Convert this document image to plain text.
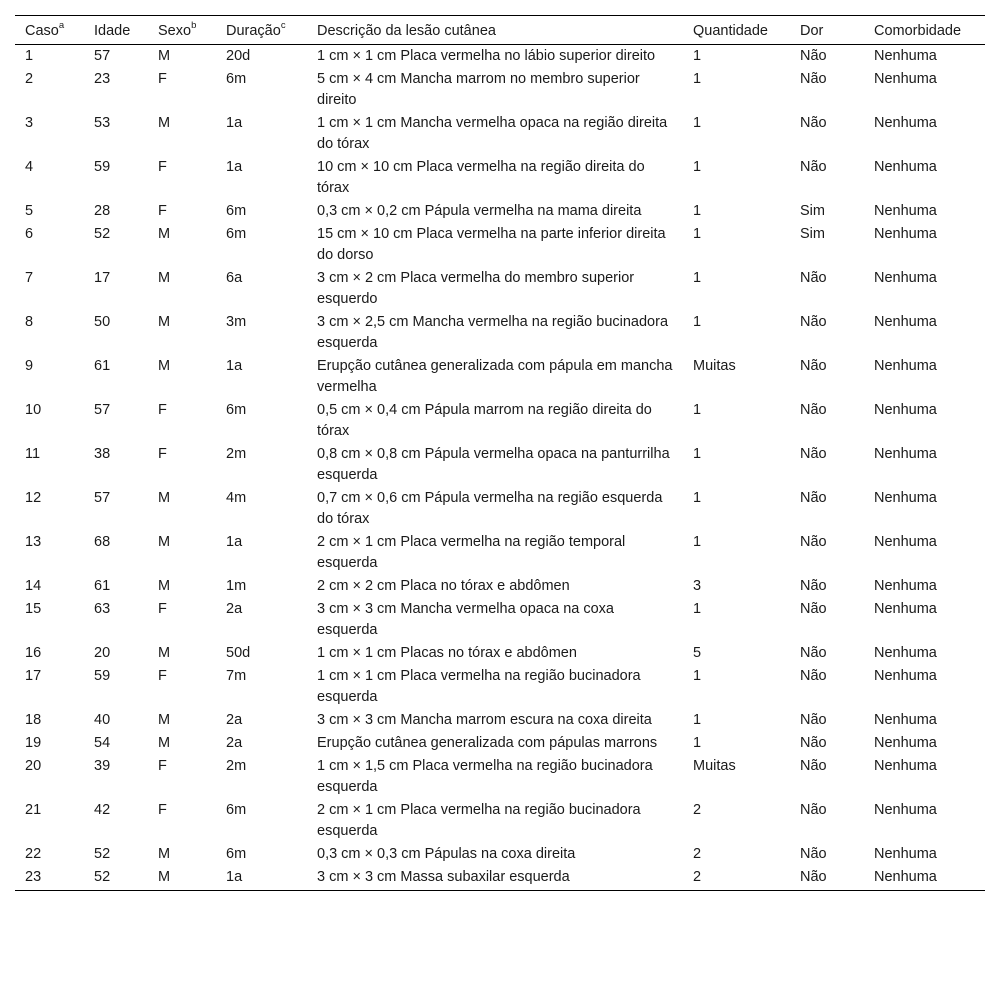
Caso$^a$	Idade	Sexo$^b$	Duração$^c$	Descrição da lesão cutânea	Quantidade	Dor	Comorbidade
1	57	M	20d	1 cm × 1 cm Placa vermelha no lábio superior direito	1	Não	Nenhuma
2	23	F	6m	5 cm × 4 cm Mancha marrom no membro superior direito	1	Não	Nenhuma
3	53	M	1a	1 cm × 1 cm Mancha vermelha opaca na região direita do tórax	1	Não	Nenhuma
4	59	F	1a	10 cm × 10 cm Placa vermelha na região direita do tórax	1	Não	Nenhuma
5	28	F	6m	0,3 cm × 0,2 cm Pápula vermelha na mama direita	1	Sim	Nenhuma
6	52	M	6m	15 cm × 10 cm Placa vermelha na parte inferior direita do dorso	1	Sim	Nenhuma
7	17	M	6a	3 cm × 2 cm Placa vermelha do membro superior esquerdo	1	Não	Nenhuma
8	50	M	3m	3 cm × 2,5 cm Mancha vermelha na região bucinadora esquerda	1	Não	Nenhuma
9	61	M	1a	Erupção cutânea generalizada com pápula em mancha vermelha	Muitas	Não	Nenhuma
10	57	F	6m	0,5 cm × 0,4 cm Pápula marrom na região direita do tórax	1	Não	Nenhuma
11	38	F	2m	0,8 cm × 0,8 cm Pápula vermelha opaca na panturrilha esquerda	1	Não	Nenhuma
12	57	M	4m	0,7 cm × 0,6 cm Pápula vermelha na região esquerda do tórax	1	Não	Nenhuma
13	68	M	1a	2 cm × 1 cm Placa vermelha na região temporal esquerda	1	Não	Nenhuma
14	61	M	1m	2 cm × 2 cm Placa no tórax e abdômen	3	Não	Nenhuma
15	63	F	2a	3 cm × 3 cm Mancha vermelha opaca na coxa esquerda	1	Não	Nenhuma
16	20	M	50d	1 cm × 1 cm Placas no tórax e abdômen	5	Não	Nenhuma
17	59	F	7m	1 cm × 1 cm Placa vermelha na região bucinadora esquerda	1	Não	Nenhuma
18	40	M	2a	3 cm × 3 cm Mancha marrom escura na coxa direita	1	Não	Nenhuma
19	54	M	2a	Erupção cutânea generalizada com pápulas marrons	1	Não	Nenhuma
20	39	F	2m	1 cm × 1,5 cm Placa vermelha na região bucinadora esquerda	Muitas	Não	Nenhuma
21	42	F	6m	2 cm × 1 cm Placa vermelha na região bucinadora esquerda	2	Não	Nenhuma
22	52	M	6m	0,3 cm × 0,3 cm Pápulas na coxa direita	2	Não	Nenhuma
23	52	M	1a	3 cm × 3 cm Massa subaxilar esquerda	2	Não	Nenhuma
